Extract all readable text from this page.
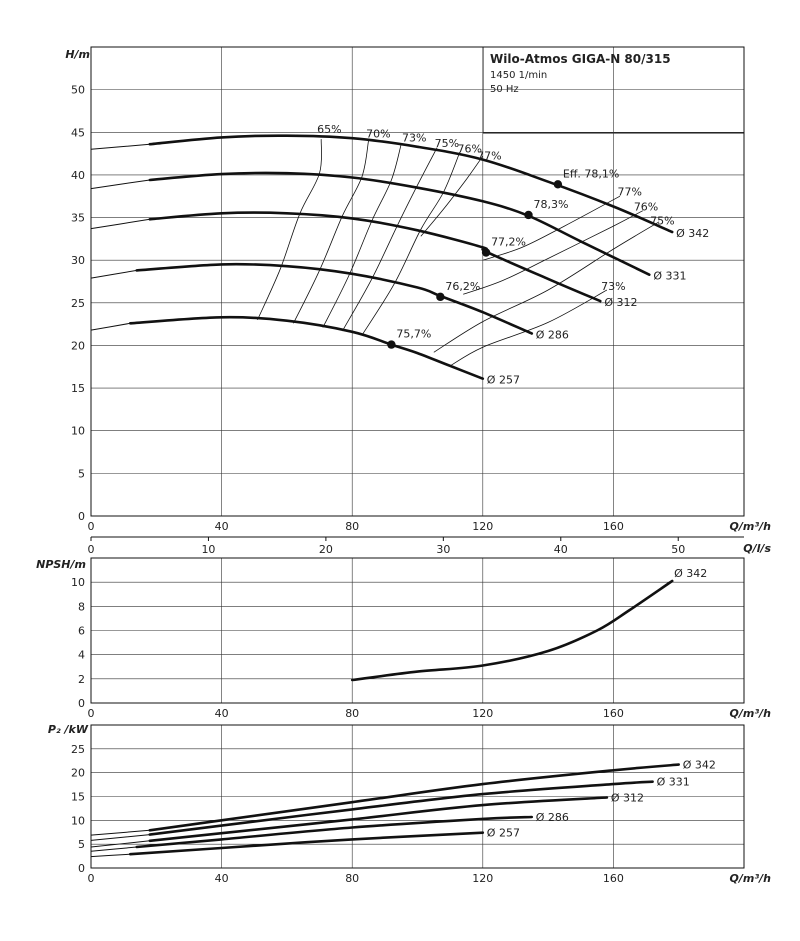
Wilo-Atmos GIGA-N 80/315
1450 1/min
50 Hz
H/m
Q/m³/h
Q/l/s
NPSH/m
Q/m³/h
P₂ /kW
Q/m³/h
0	40	80	120	160
0
5
10
15
20
25
30
35
40
45
50
0	10	20	30	40	50
Ø 342
Ø 331
Ø 312
Ø 286
Ø 257
Eff. 78,1%
78,3%
77,2%
76,2%
75,7%
65% 70% 73% 75%
76%
77%
77%
76%
75%
73%
0	40	80	120	160
0
2
4
6
8
10
Ø 342
0	40	80	120	160
0
5
10
15
20
25
Ø 342
Ø 331
Ø 312
Ø 286
Ø 257
